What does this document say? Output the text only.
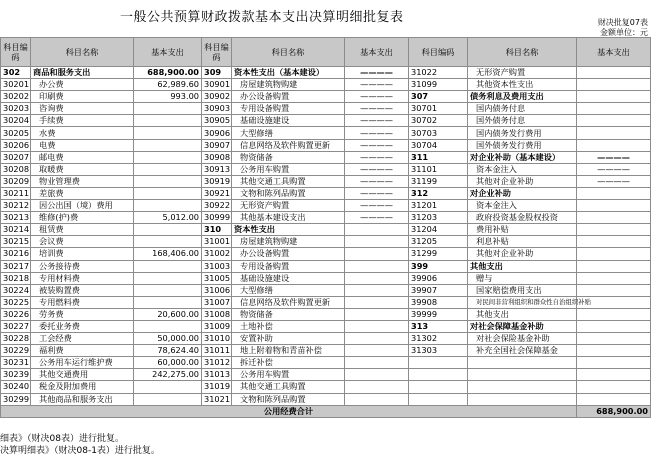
一般公共预算财政拨款基本支出决算明细批复表	财决批复07表
金额单位：元
科目编码	科目名称	基本支出	科目编码	科目名称	基本支出	科目编码	科目名称	基本支出
302	商品和服务支出	688,900.00	309	资本性支出（基本建设）	————	31022	无形资产购置	
30201	办公费	62,989.60	30901	房屋建筑物购建	————	31099	其他资本性支出	
30202	印刷费	993.00	30902	办公设备购置	————	307	债务利息及费用支出	
30203	咨询费		30903	专用设备购置	————	30701	国内债务付息	
30204	手续费		30905	基础设施建设	————	30702	国外债务付息	
30205	水费		30906	大型修缮	————	30703	国内债务发行费用	
30206	电费		30907	信息网络及软件购置更新	————	30704	国外债务发行费用	
30207	邮电费		30908	物资储备	————	311	对企业补助（基本建设）	————
30208	取暖费		30913	公务用车购置	————	31101	资本金注入	————
30209	物业管理费		30919	其他交通工具购置	————	31199	其他对企业补助	————
30211	差旅费		30921	文物和陈列品购置	————	312	对企业补助	
30212	因公出国（境）费用		30922	无形资产购置	————	31201	资本金注入	
30213	维修(护)费	5,012.00	30999	其他基本建设支出	————	31203	政府投资基金股权投资	
30214	租赁费		310	资本性支出		31204	费用补贴	
30215	会议费		31001	房屋建筑物购建		31205	利息补贴	
30216	培训费	168,406.00	31002	办公设备购置		31299	其他对企业补助	
30217	公务接待费		31003	专用设备购置		399	其他支出	
30218	专用材料费		31005	基础设施建设		39906	赠与	
30224	被装购置费		31006	大型修缮		39907	国家赔偿费用支出	
30225	专用燃料费		31007	信息网络及软件购置更新		39908	对民间非营利组织和群众性自治组织补贴	
30226	劳务费	20,600.00	31008	物资储备		39999	其他支出	
30227	委托业务费		31009	土地补偿		313	对社会保障基金补助	
30228	工会经费	50,000.00	31010	安置补助		31302	对社会保险基金补助	
30229	福利费	78,624.40	31011	地上附着物和青苗补偿		31303	补充全国社会保障基金	
30231	公务用车运行维护费	60,000.00	31012	拆迁补偿				
30239	其他交通费用	242,275.00	31013	公务用车购置				
30240	税金及附加费用		31019	其他交通工具购置				
30299	其他商品和服务支出		31021	文物和陈列品购置				
公用经费合计								688,900.00
细表》（财决08表）进行批复。
决算明细表》（财决08-1表）进行批复。
